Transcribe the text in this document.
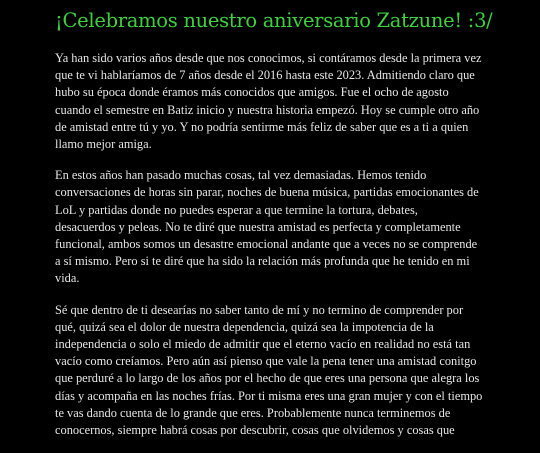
¡Celebramos nuestro aniversario Zatzune! :3/

Ya han sido varios años desde que nos conocimos, si contáramos desde la primera vez
que te vi hablaríamos de 7 años desde el 2016 hasta este 2023. Admitiendo claro que
hubo su época donde éramos más conocidos que amigos. Fue el ocho de agosto
cuando el semestre en Batiz inicio y nuestra historia empezó. Hoy se cumple otro año
de amistad entre tú y yo. Y no podría sentirme más feliz de saber que es a ti a quien
llamo mejor amiga.

En estos años han pasado muchas cosas, tal vez demasiadas. Hemos tenido
conversaciones de horas sin parar, noches de buena música, partidas emocionantes de
LoL y partidas donde no puedes esperar a que termine la tortura, debates,
desacuerdos y peleas. No te diré que nuestra amistad es perfecta y completamente
funcional, ambos somos un desastre emocional andante que a veces no se comprende
a sí mismo. Pero si te diré que ha sido la relación más profunda que he tenido en mi
vida.

Sé que dentro de ti desearías no saber tanto de mí y no termino de comprender por
qué, quizá sea el dolor de nuestra dependencia, quizá sea la impotencia de la
independencia o solo el miedo de admitir que el eterno vacío en realidad no está tan
vacío como creíamos. Pero aún así pienso que vale la pena tener una amistad conitgo
que perduré a lo largo de los años por el hecho de que eres una persona que alegra los
días y acompaña en las noches frías. Por ti misma eres una gran mujer y con el tiempo
te vas dando cuenta de lo grande que eres. Probablemente nunca terminemos de
conocernos, siempre habrá cosas por descubrir, cosas que olvidemos y cosas que
